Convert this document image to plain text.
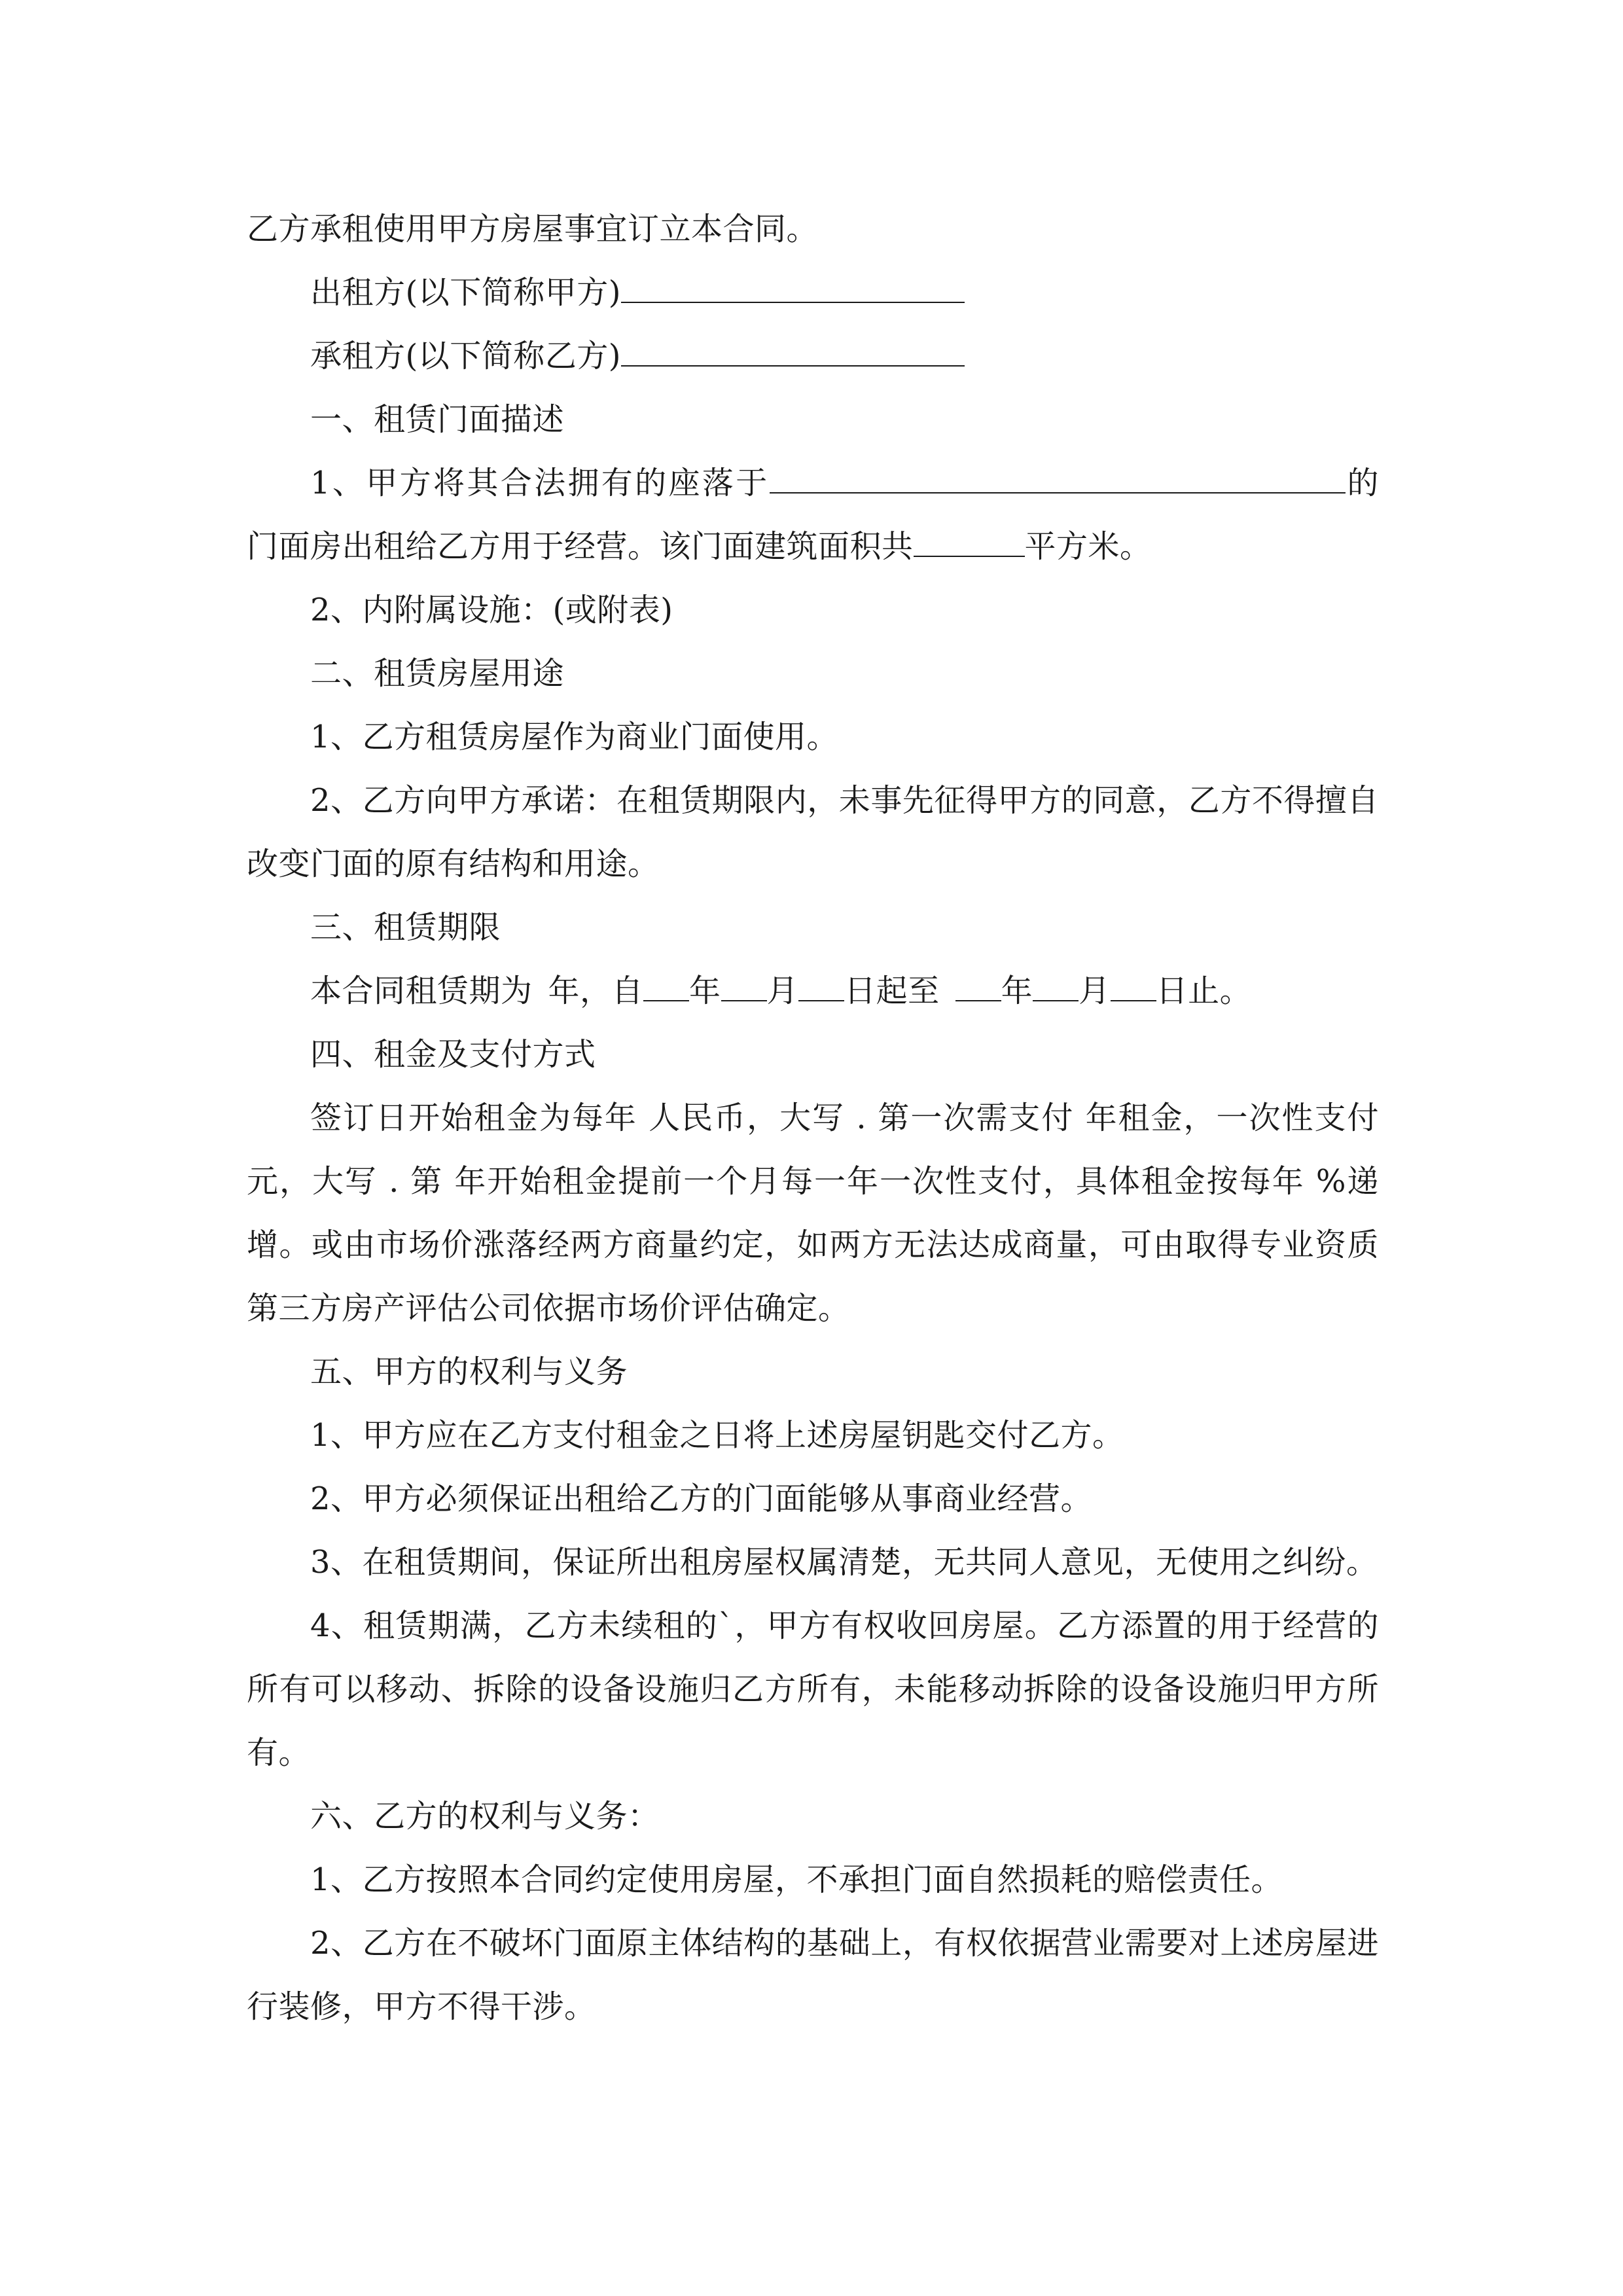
乙方承租使用甲方房屋事宜订立本合同。

出租方(以下简称甲方)

承租方(以下简称乙方)

一、租赁门面描述

1、甲方将其合法拥有的座落于	的门面房出租给乙方用于经营。该门面建筑面积共	平方米。

2、内附属设施：(或附表)

二、租赁房屋用途

1、乙方租赁房屋作为商业门面使用。

2、乙方向甲方承诺：在租赁期限内，未事先征得甲方的同意，乙方不得擅自改变门面的原有结构和用途。

三、租赁期限

本合同租赁期为 年，自 年 月 日起至 年 月 日止。

四、租金及支付方式

签订日开始租金为每年 人民币，大写 . 第一次需支付 年租金，一次性支付 元，大写 . 第 年开始租金提前一个月每一年一次性支付，具体租金按每年 %递增。或由市场价涨落经两方商量约定，如两方无法达成商量，可由取得专业资质第三方房产评估公司依据市场价评估确定。

五、甲方的权利与义务

1、甲方应在乙方支付租金之日将上述房屋钥匙交付乙方。

2、甲方必须保证出租给乙方的门面能够从事商业经营。

3、在租赁期间，保证所出租房屋权属清楚，无共同人意见，无使用之纠纷。

4、租赁期满，乙方未续租的`，甲方有权收回房屋。乙方添置的用于经营的所有可以移动、拆除的设备设施归乙方所有，未能移动拆除的设备设施归甲方所有。

六、乙方的权利与义务：

1、乙方按照本合同约定使用房屋，不承担门面自然损耗的赔偿责任。

2、乙方在不破坏门面原主体结构的基础上，有权依据营业需要对上述房屋进行装修，甲方不得干涉。
